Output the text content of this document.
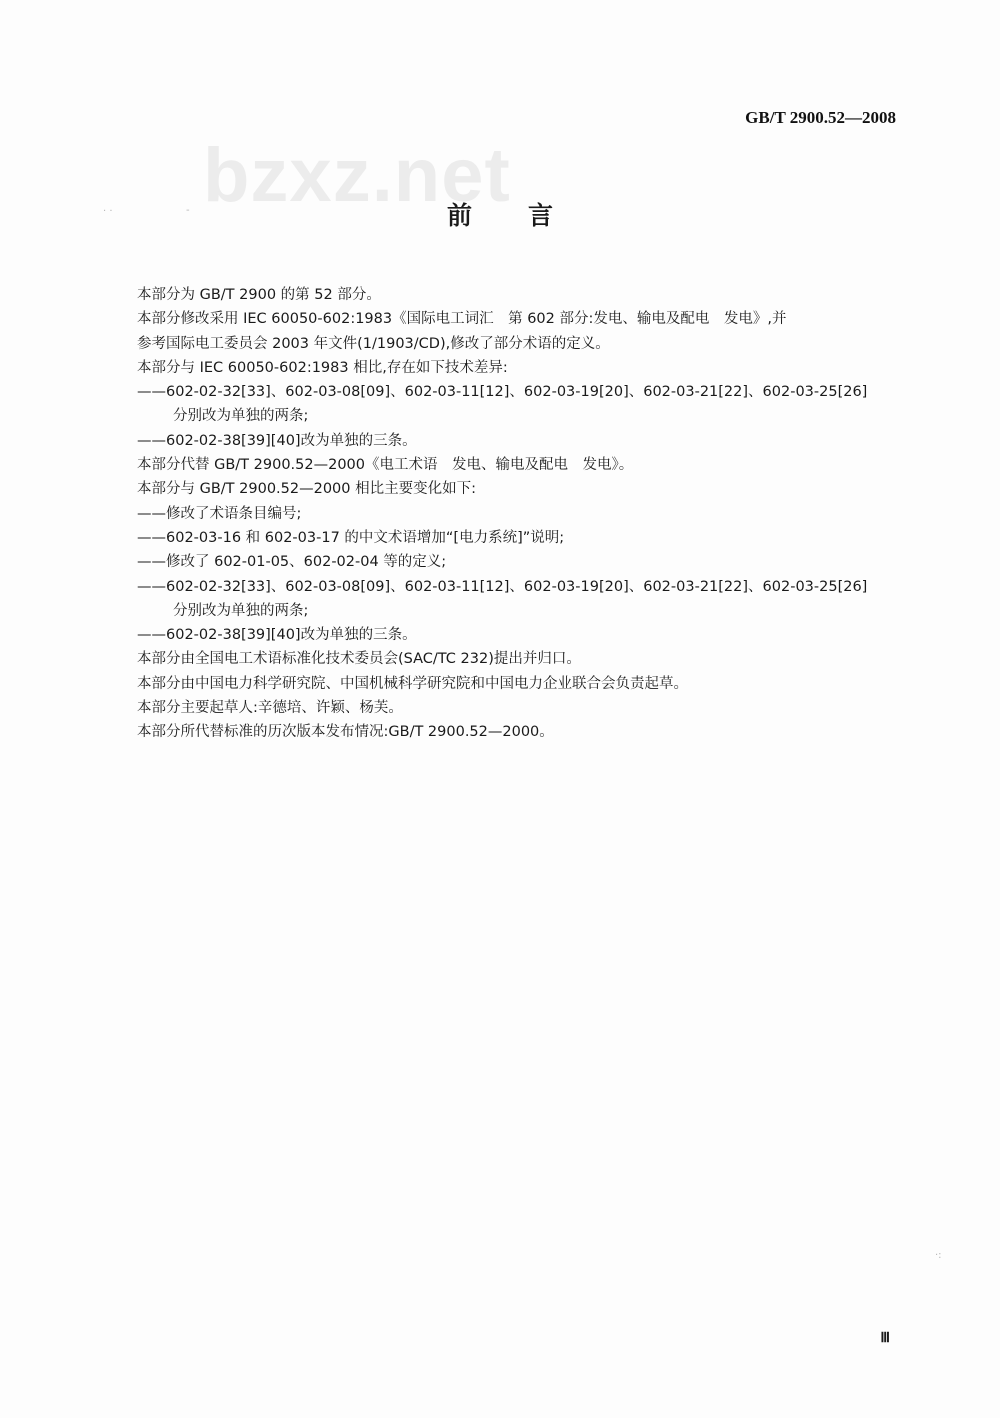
bzxz.net
GB/T 2900.52—2008
· ·	-	前言
本部分为 GB/T 2900 的第 52 部分。
本部分修改采用 IEC 60050-602:1983《国际电工词汇　第 602 部分:发电、输电及配电　发电》,并
参考国际电工委员会 2003 年文件(1/1903/CD),修改了部分术语的定义。
本部分与 IEC 60050-602:1983 相比,存在如下技术差异:
——602-02-32[33]、602-03-08[09]、602-03-11[12]、602-03-19[20]、602-03-21[22]、602-03-25[26]
分别改为单独的两条;
——602-02-38[39][40]改为单独的三条。
本部分代替 GB/T 2900.52—2000《电工术语　发电、输电及配电　发电》。
本部分与 GB/T 2900.52—2000 相比主要变化如下:
——修改了术语条目编号;
——602-03-16 和 602-03-17 的中文术语增加“[电力系统]”说明;
——修改了 602-01-05、602-02-04 等的定义;
——602-02-32[33]、602-03-08[09]、602-03-11[12]、602-03-19[20]、602-03-21[22]、602-03-25[26]
分别改为单独的两条;
——602-02-38[39][40]改为单独的三条。
本部分由全国电工术语标准化技术委员会(SAC/TC 232)提出并归口。
本部分由中国电力科学研究院、中国机械科学研究院和中国电力企业联合会负责起草。
本部分主要起草人:辛德培、许颖、杨芙。
本部分所代替标准的历次版本发布情况:GB/T 2900.52—2000。
·:
Ⅲ
